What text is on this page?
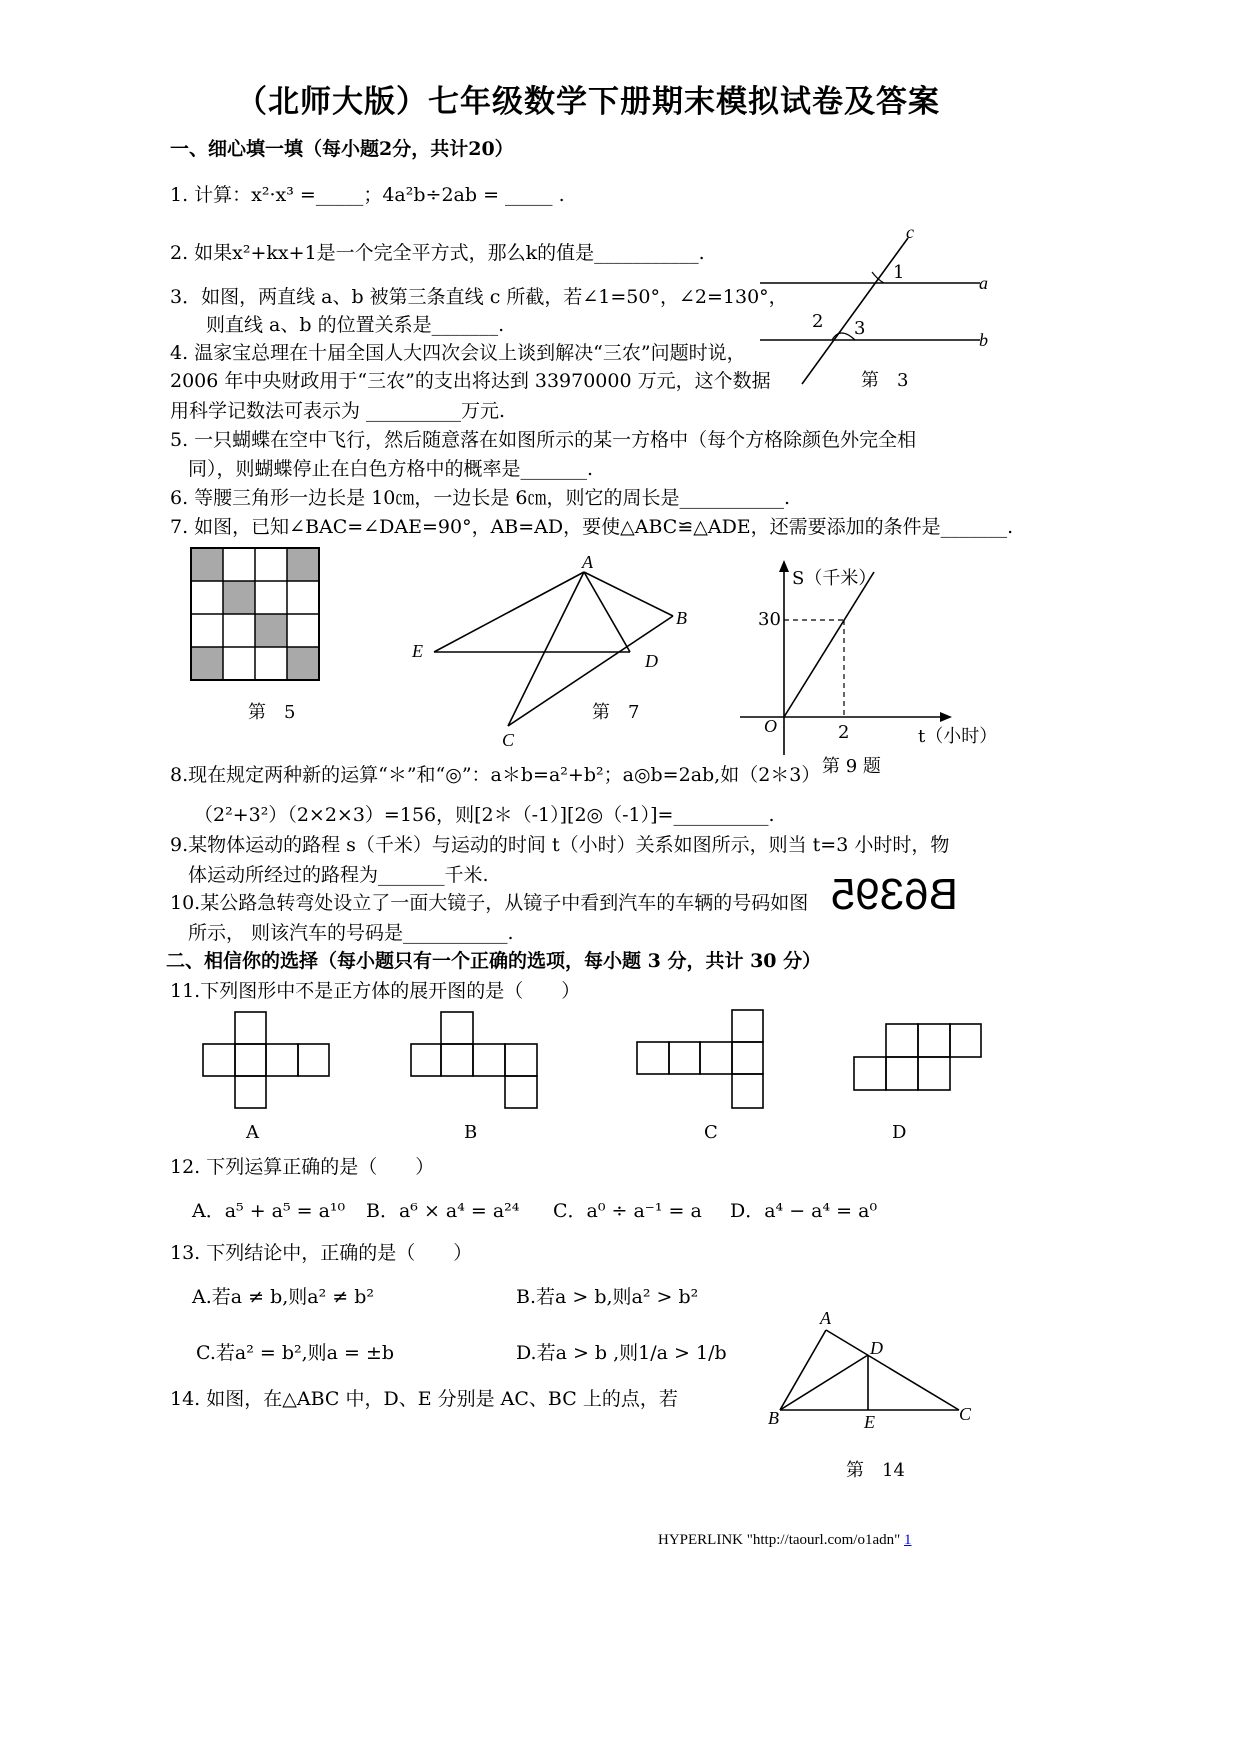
（北师大版）七年级数学下册期末模拟试卷及答案
一、细心填一填（每小题2分，共计20）
1. 计算：x²·x³ =_____；4a²b÷2ab = _____ .
2. 如果x²+kx+1是一个完全平方式，那么k的值是___________.
3．如图，两直线 a、b 被第三条直线 c 所截，若∠1=50°，∠2=130°，
则直线 a、b 的位置关系是_______.
4. 温家宝总理在十届全国人大四次会议上谈到解决“三农”问题时说，
2006 年中央财政用于“三农”的支出将达到 33970000 万元，这个数据
用科学记数法可表示为 __________万元.
5. 一只蝴蝶在空中飞行，然后随意落在如图所示的某一方格中（每个方格除颜色外完全相
同），则蝴蝶停止在白色方格中的概率是_______.
6. 等腰三角形一边长是 10㎝，一边长是 6㎝，则它的周长是___________.
7. 如图，已知∠BAC=∠DAE=90°，AB=AD，要使△ABC≌△ADE，还需要添加的条件是_______.
c
a
b
1
2 3
第　3
第　5
A
B
E	D
C
第　7
S（千米）
30
O	2	t（小时）
第 9 题
8.现在规定两种新的运算“＊”和“◎”：a＊b=a²+b²；a◎b=2ab,如（2＊3）
（2²+3²）（2×2×3）=156，则[2＊（-1）][2◎（-1）]=__________.
9.某物体运动的路程 s（千米）与运动的时间 t（小时）关系如图所示，则当 t=3 小时时，物
体运动所经过的路程为_______千米.
10.某公路急转弯处设立了一面大镜子，从镜子中看到汽车的车辆的号码如图
所示， 则该汽车的号码是___________.
B6395
二、相信你的选择（每小题只有一个正确的选项，每小题 3 分，共计 30 分）
11.下列图形中不是正方体的展开图的是（　　）
A	B	C	D
12. 下列运算正确的是（　　）
A．a⁵ + a⁵ = a¹⁰ B．a⁶ × a⁴ = a²⁴ C．a⁰ ÷ a⁻¹ = a D．a⁴ − a⁴ = a⁰
13. 下列结论中，正确的是（　　）
A.若a ≠ b,则a² ≠ b²	B.若a > b,则a² > b²
C.若a² = b²,则a = ±b	D.若a > b ,则1/a > 1/b
14. 如图，在△ABC 中，D、E 分别是 AC、BC 上的点，若
A
D
B	E	C
第　14
HYPERLINK "http://taourl.com/o1adn" 1
